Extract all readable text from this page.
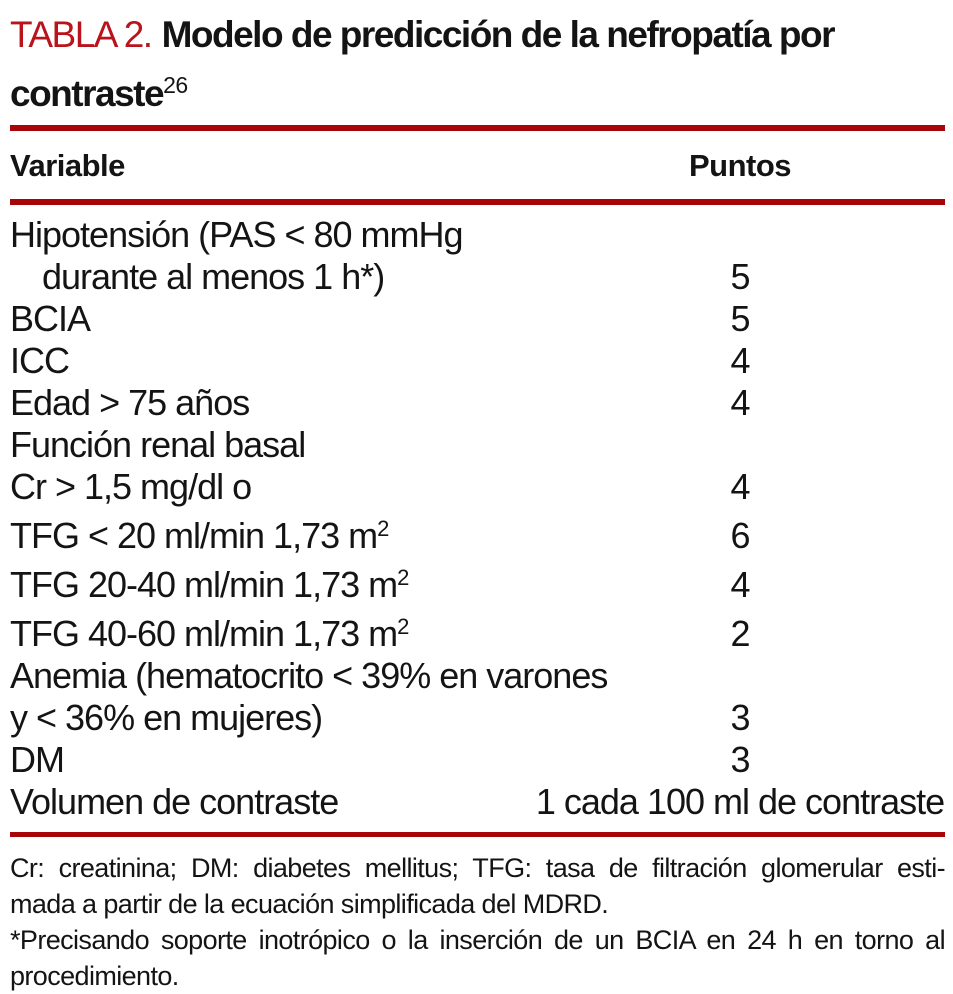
TABLA 2. Modelo de predicción de la nefropatía por
contraste$^{26}$
Variable	Puntos
Hipotensión (PAS < 80 mmHg
durante al menos 1 h*)	5
BCIA	5
ICC	4
Edad > 75 años	4
Función renal basal
Cr > 1,5 mg/dl o	4
TFG < 20 ml/min 1,73 $m^2$	6
TFG 20-40 ml/min 1,73 $m^2$	4
TFG 40-60 ml/min 1,73 $m^2$	2
Anemia (hematocrito < 39% en varones
y < 36% en mujeres)	3
DM	3
Volumen de contraste	1 cada 100 ml de contraste
Cr: creatinina; DM: diabetes mellitus; TFG: tasa de filtración glomerular esti-
mada a partir de la ecuación simplificada del MDRD.
*Precisando soporte inotrópico o la inserción de un BCIA en 24 h en torno al
procedimiento.
